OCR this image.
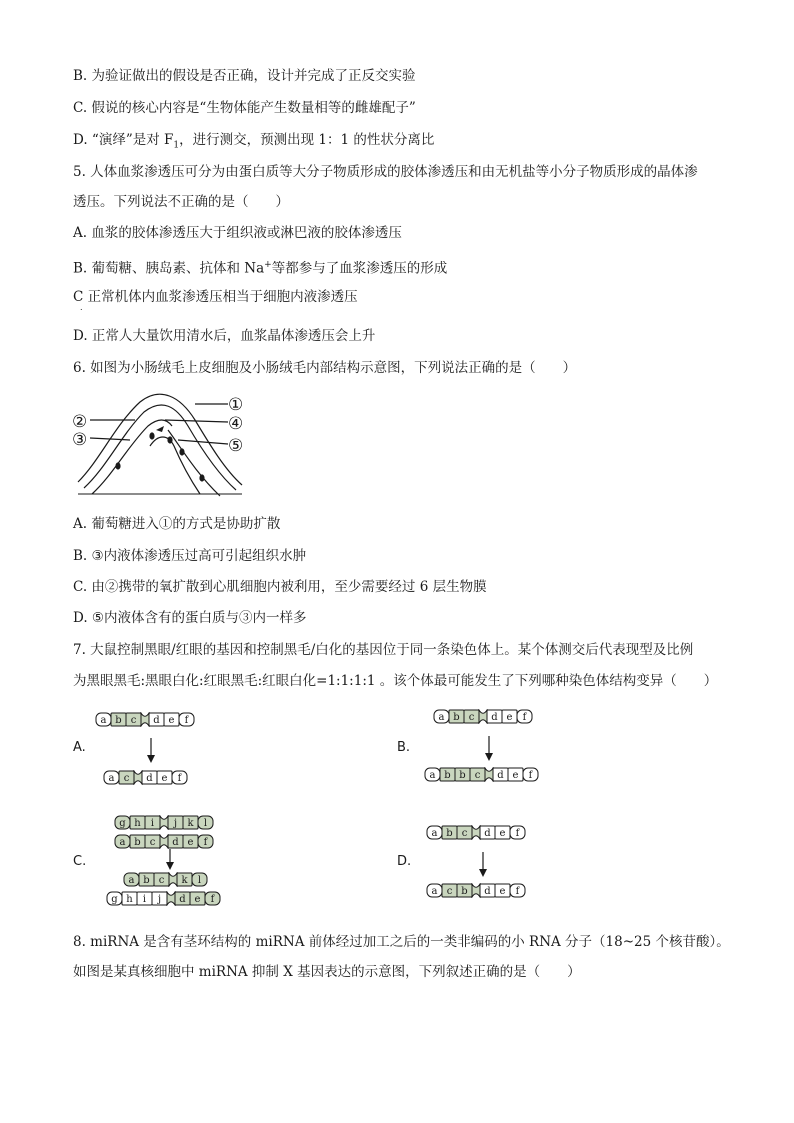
B. 为验证做出的假设是否正确，设计并完成了正反交实验
C. 假说的核心内容是“生物体能产生数量相等的雌雄配子”
D. “演绎”是对 $F_1$，进行测交，预测出现 1：1 的性状分离比
5. 人体血浆渗透压可分为由蛋白质等大分子物质形成的胶体渗透压和由无机盐等小分子物质形成的晶体渗
透压。下列说法不正确的是（　　）
A. 血浆的胶体渗透压大于组织液或淋巴液的胶体渗透压
B. 葡萄糖、胰岛素、抗体和 Na+等都参与了血浆渗透压的形成
C 正常机体内血浆渗透压相当于细胞内液渗透压
.
D. 正常人大量饮用清水后，血浆晶体渗透压会上升
6. 如图为小肠绒毛上皮细胞及小肠绒毛内部结构示意图，下列说法正确的是（　　）
①
②
③
④
⑤
A. 葡萄糖进入①的方式是协助扩散
B. ③内液体渗透压过高可引起组织水肿
C. 由②携带的氧扩散到心肌细胞内被利用，至少需要经过 6 层生物膜
D. ⑤内液体含有的蛋白质与③内一样多
7. 大鼠控制黑眼/红眼的基因和控制黑毛/白化的基因位于同一条染色体上。某个体测交后代表现型及比例
为黑眼黑毛:黑眼白化:红眼黑毛:红眼白化=1:1:1:1 。该个体最可能发生了下列哪种染色体结构变异（　　）
A.	B.
C.	D.
a b c d e f
a c d e f
a b c d e f
a b b c d e f
g h i j k l
a b c d e f
a b c k l
g h i j d e f
a b c d e f
a c b d e f
8. miRNA 是含有茎环结构的 miRNA 前体经过加工之后的一类非编码的小 RNA 分子（18~25 个核苷酸）。
如图是某真核细胞中 miRNA 抑制 X 基因表达的示意图，下列叙述正确的是（　　）
